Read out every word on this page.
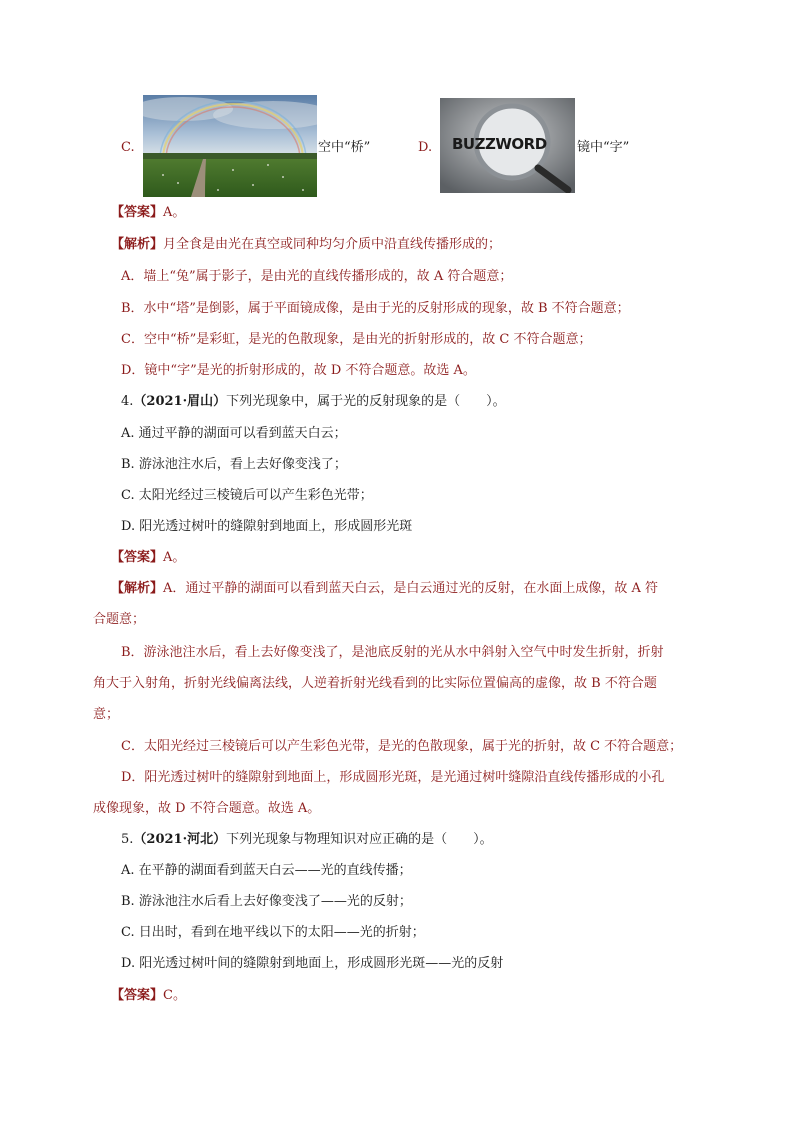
C.	空中“桥”	D. BUZZWORD 镜中“字”
【答案】A。
【解析】月全食是由光在真空或同种均匀介质中沿直线传播形成的；
A．墙上“兔”属于影子，是由光的直线传播形成的，故 A 符合题意；
B．水中“塔”是倒影，属于平面镜成像，是由于光的反射形成的现象，故 B 不符合题意；
C．空中“桥”是彩虹，是光的色散现象，是由光的折射形成的，故 C 不符合题意；
D．镜中“字”是光的折射形成的，故 D 不符合题意。故选 A。
4.（2021·眉山）下列光现象中，属于光的反射现象的是（　　）。
A. 通过平静的湖面可以看到蓝天白云；
B. 游泳池注水后，看上去好像变浅了；
C. 太阳光经过三棱镜后可以产生彩色光带；
D. 阳光透过树叶的缝隙射到地面上，形成圆形光斑
【答案】A。
【解析】A．通过平静的湖面可以看到蓝天白云，是白云通过光的反射，在水面上成像，故 A 符
合题意；
B．游泳池注水后，看上去好像变浅了，是池底反射的光从水中斜射入空气中时发生折射，折射
角大于入射角，折射光线偏离法线，人逆着折射光线看到的比实际位置偏高的虚像，故 B 不符合题
意；
C．太阳光经过三棱镜后可以产生彩色光带，是光的色散现象，属于光的折射，故 C 不符合题意；
D．阳光透过树叶的缝隙射到地面上，形成圆形光斑，是光通过树叶缝隙沿直线传播形成的小孔
成像现象，故 D 不符合题意。故选 A。
5.（2021·河北）下列光现象与物理知识对应正确的是（　　）。
A. 在平静的湖面看到蓝天白云——光的直线传播；
B. 游泳池注水后看上去好像变浅了——光的反射；
C. 日出时，看到在地平线以下的太阳——光的折射；
D. 阳光透过树叶间的缝隙射到地面上，形成圆形光斑——光的反射
【答案】C。
